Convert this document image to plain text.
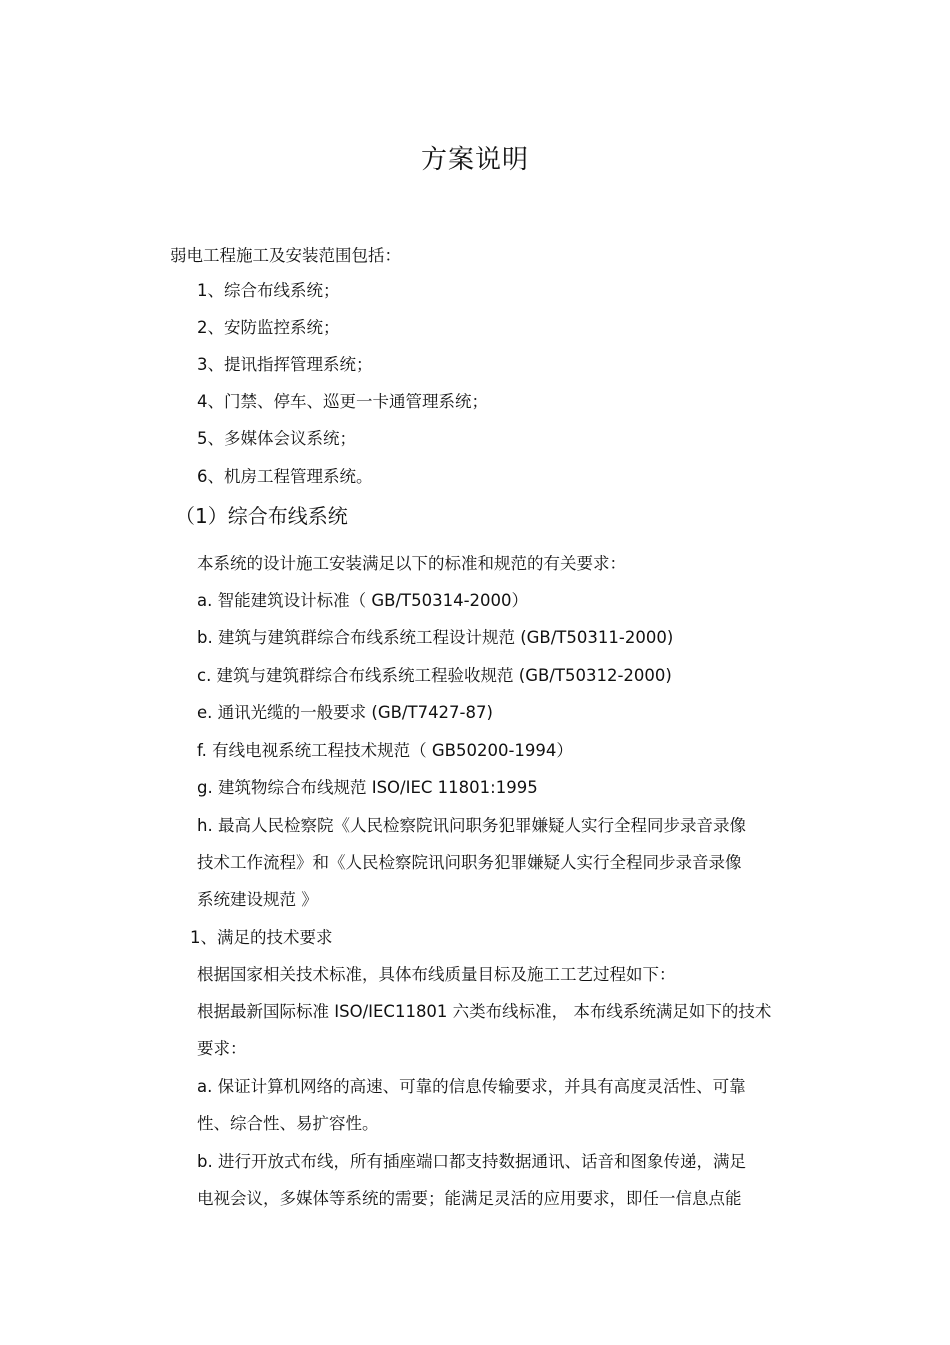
方案说明
弱电工程施工及安装范围包括：
1、综合布线系统；
2、安防监控系统；
3、提讯指挥管理系统；
4、门禁、停车、巡更一卡通管理系统；
5、多媒体会议系统；
6、机房工程管理系统。
（1）综合布线系统
本系统的设计施工安装满足以下的标准和规范的有关要求：
a. 智能建筑设计标准（ GB/T50314-2000）
b. 建筑与建筑群综合布线系统工程设计规范 (GB/T50311-2000)
c. 建筑与建筑群综合布线系统工程验收规范 (GB/T50312-2000)
e. 通讯光缆的一般要求 (GB/T7427-87)
f. 有线电视系统工程技术规范（ GB50200-1994）
g. 建筑物综合布线规范 ISO/IEC 11801:1995
h. 最高人民检察院《人民检察院讯问职务犯罪嫌疑人实行全程同步录音录像
技术工作流程》和《人民检察院讯问职务犯罪嫌疑人实行全程同步录音录像
系统建设规范 》
1、满足的技术要求
根据国家相关技术标准，具体布线质量目标及施工工艺过程如下：
根据最新国际标准 ISO/IEC11801 六类布线标准， 本布线系统满足如下的技术
要求：
a. 保证计算机网络的高速、可靠的信息传输要求，并具有高度灵活性、可靠
性、综合性、易扩容性。
b. 进行开放式布线，所有插座端口都支持数据通讯、话音和图象传递，满足
电视会议，多媒体等系统的需要；能满足灵活的应用要求，即任一信息点能
